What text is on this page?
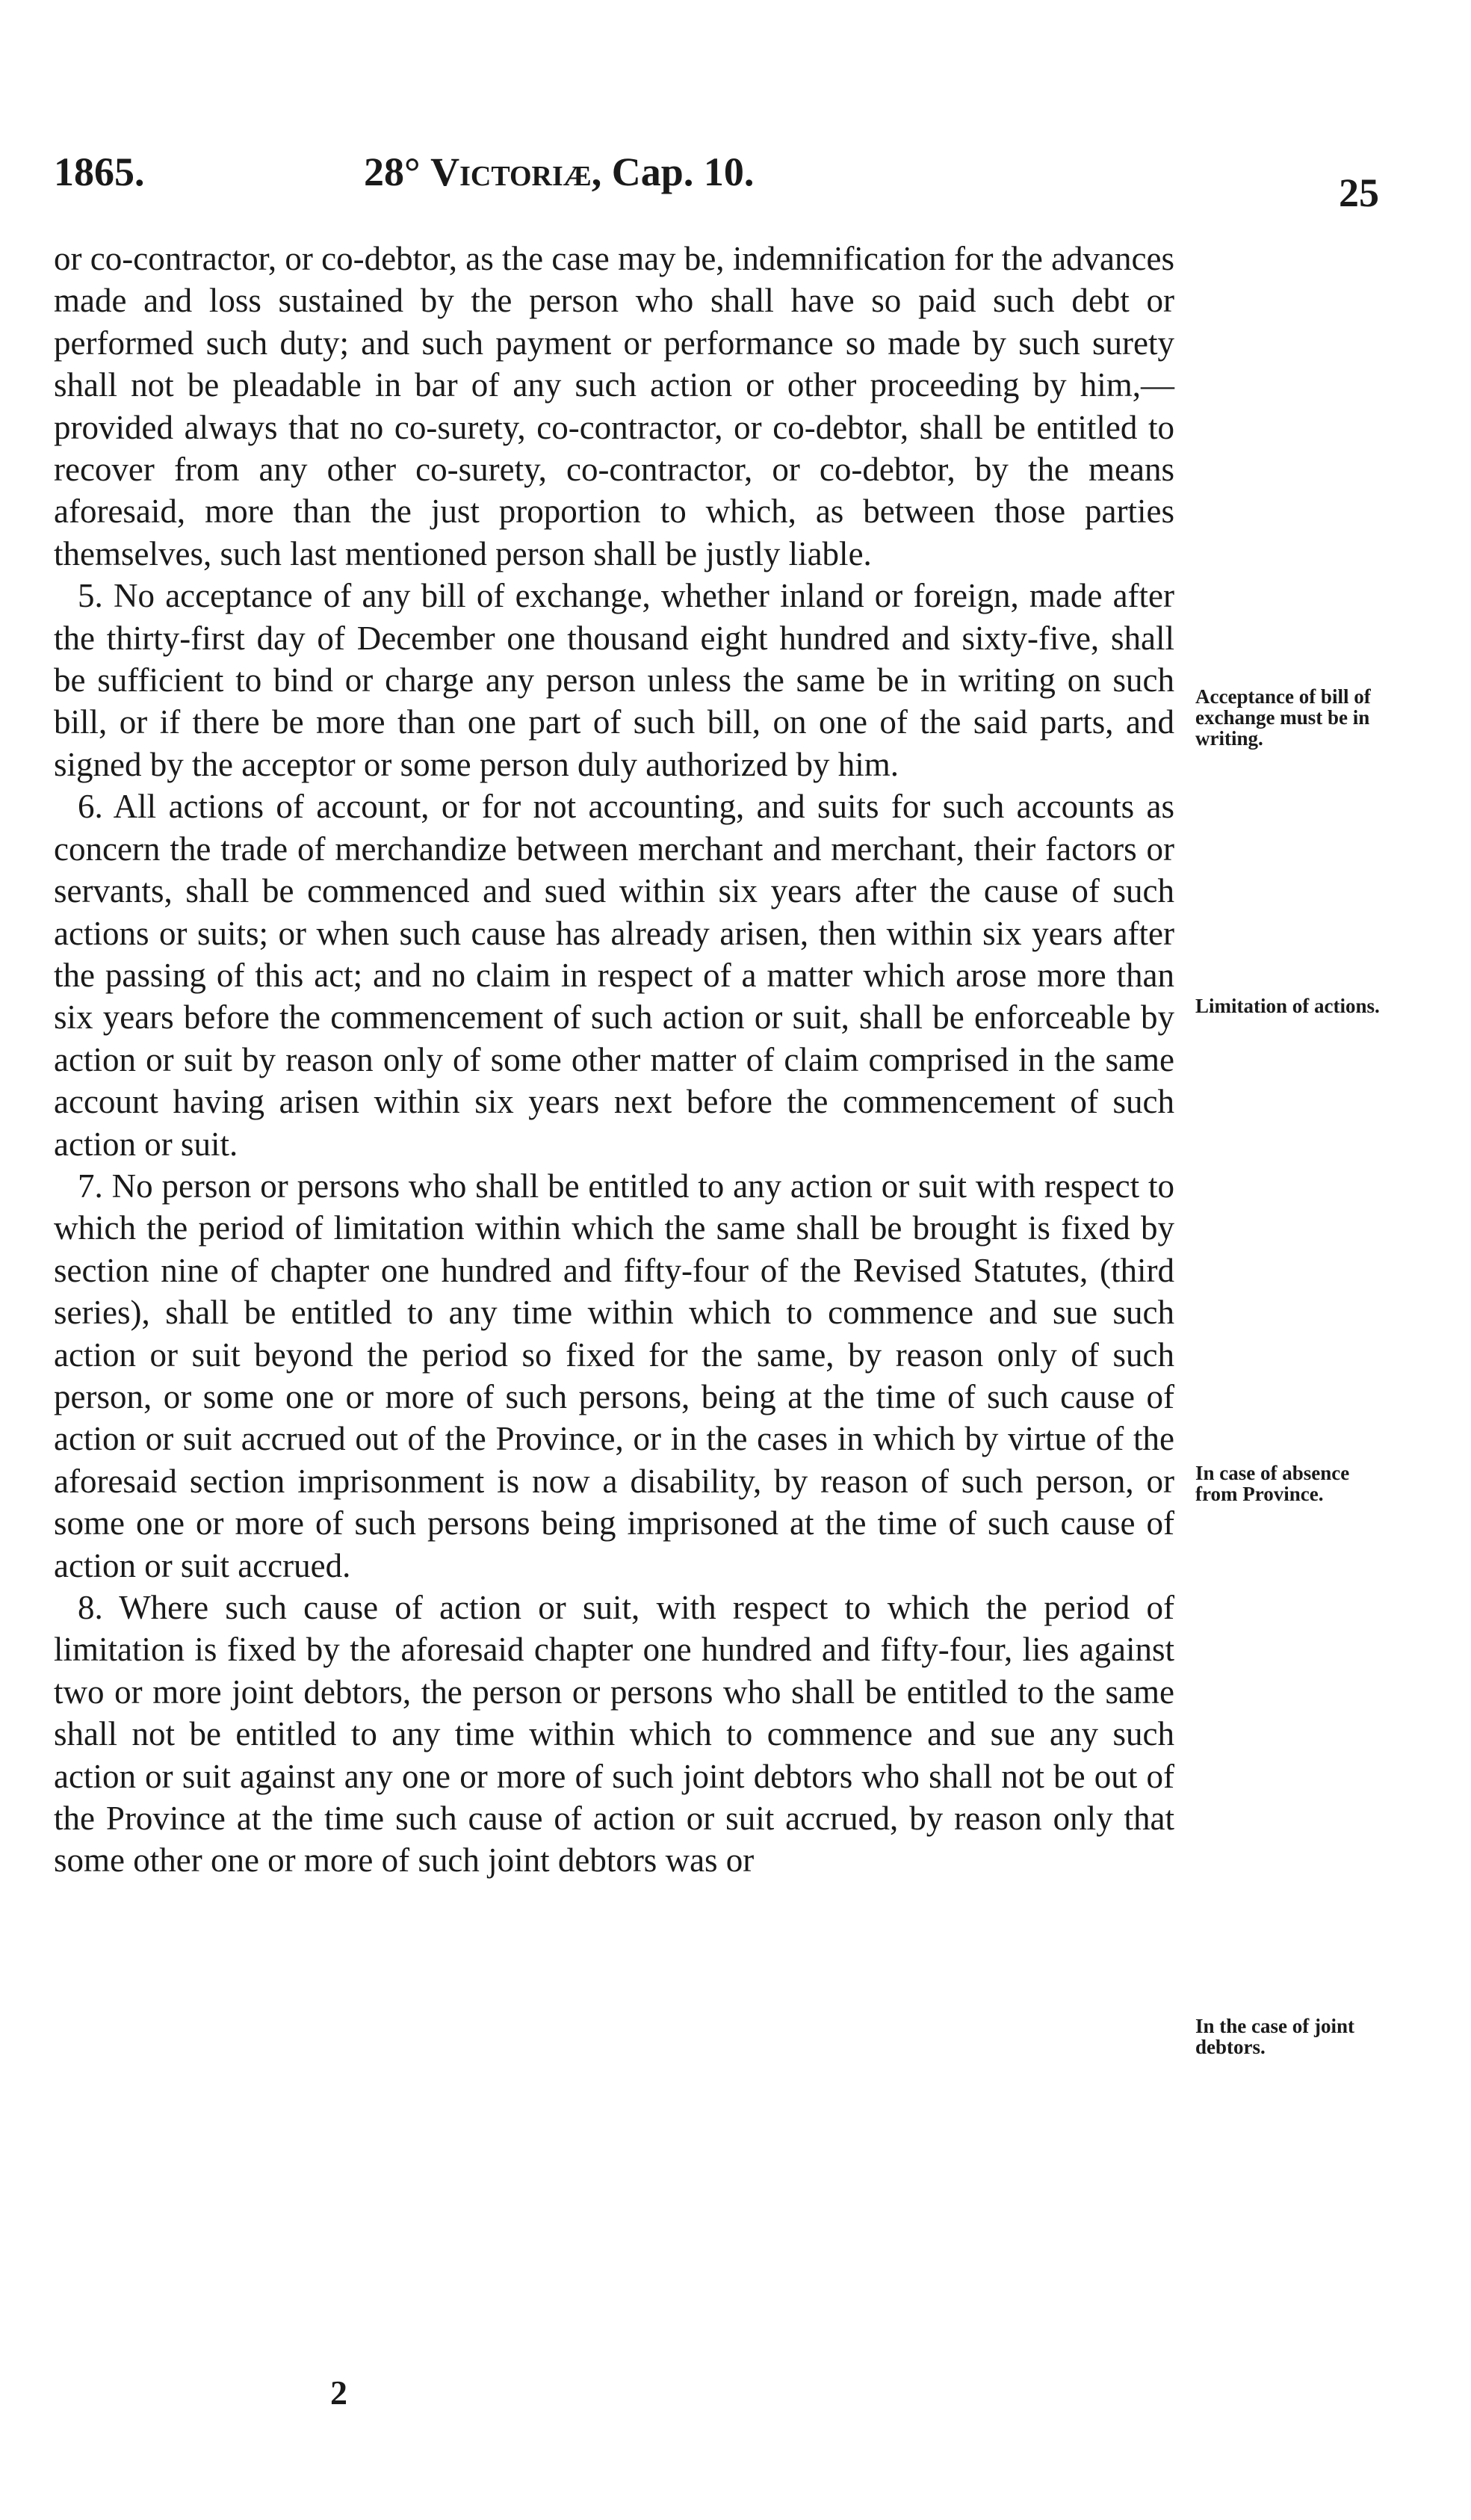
1865.	28° Victoriæ, Cap. 10.	25

or co-contractor, or co-debtor, as the case may be, indemnification for the advances made and loss sustained by the person who shall have so paid such debt or performed such duty; and such payment or performance so made by such surety shall not be pleadable in bar of any such action or other proceeding by him,—provided always that no co-surety, co-contractor, or co-debtor, shall be entitled to recover from any other co-surety, co-contractor, or co-debtor, by the means aforesaid, more than the just proportion to which, as between those parties themselves, such last mentioned person shall be justly liable.

5. No acceptance of any bill of exchange, whether inland or foreign, made after the thirty-first day of December one thousand eight hundred and sixty-five, shall be sufficient to bind or charge any person unless the same be in writing on such bill, or if there be more than one part of such bill, on one of the said parts, and signed by the acceptor or some person duly authorized by him.

6. All actions of account, or for not accounting, and suits for such accounts as concern the trade of merchandize between merchant and merchant, their factors or servants, shall be commenced and sued within six years after the cause of such actions or suits; or when such cause has already arisen, then within six years after the passing of this act; and no claim in respect of a matter which arose more than six years before the commencement of such action or suit, shall be enforceable by action or suit by reason only of some other matter of claim comprised in the same account having arisen within six years next before the commencement of such action or suit.

7. No person or persons who shall be entitled to any action or suit with respect to which the period of limitation within which the same shall be brought is fixed by section nine of chapter one hundred and fifty-four of the Revised Statutes, (third series), shall be entitled to any time within which to commence and sue such action or suit beyond the period so fixed for the same, by reason only of such person, or some one or more of such persons, being at the time of such cause of action or suit accrued out of the Province, or in the cases in which by virtue of the aforesaid section imprisonment is now a disability, by reason of such person, or some one or more of such persons being imprisoned at the time of such cause of action or suit accrued.

8. Where such cause of action or suit, with respect to which the period of limitation is fixed by the aforesaid chapter one hundred and fifty-four, lies against two or more joint debtors, the person or persons who shall be entitled to the same shall not be entitled to any time within which to commence and sue any such action or suit against any one or more of such joint debtors who shall not be out of the Province at the time such cause of action or suit accrued, by reason only that some other one or more of such joint debtors was or

Acceptance of bill of exchange must be in writing.
Limitation of actions.
In case of absence from Province.
In the case of joint debtors.
2
